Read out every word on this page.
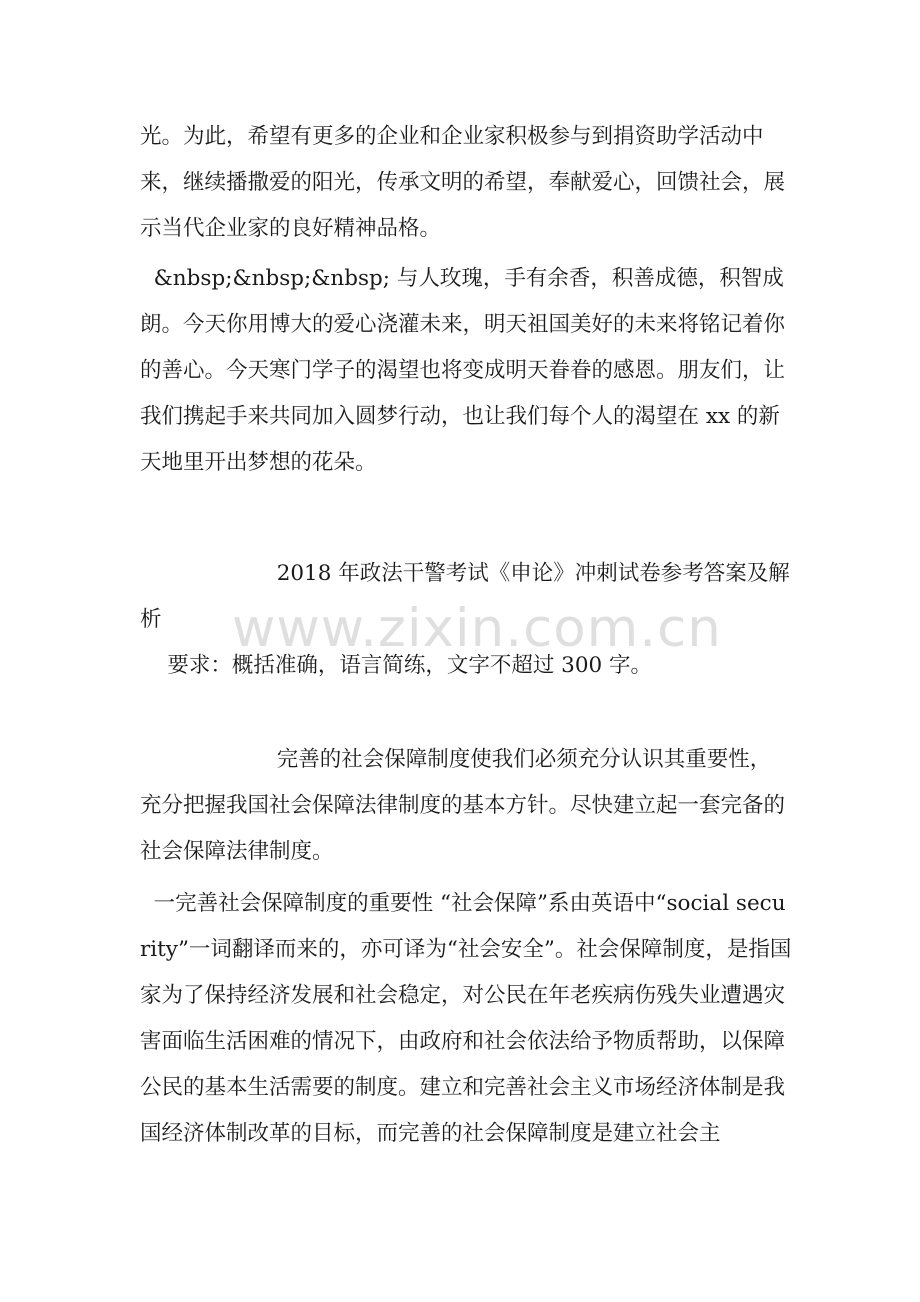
光。为此，希望有更多的企业和企业家积极参与到捐资助学活动中来，继续播撒爱的阳光，传承文明的希望，奉献爱心，回馈社会，展示当代企业家的良好精神品格。

&nbsp;&nbsp;&nbsp; 与人玫瑰，手有余香，积善成德，积智成朗。今天你用博大的爱心浇灌未来，明天祖国美好的未来将铭记着你的善心。今天寒门学子的渴望也将变成明天眷眷的感恩。朋友们，让我们携起手来共同加入圆梦行动，也让我们每个人的渴望在 xx 的新天地里开出梦想的花朵。

2018 年政法干警考试《申论》冲刺试卷参考答案及解析

要求：概括准确，语言简练，文字不超过 300 字。

完善的社会保障制度使我们必须充分认识其重要性，充分把握我国社会保障法律制度的基本方针。尽快建立起一套完备的社会保障法律制度。

一完善社会保障制度的重要性 “社会保障”系由英语中“social security”一词翻译而来的，亦可译为“社会安全”。社会保障制度，是指国家为了保持经济发展和社会稳定，对公民在年老疾病伤残失业遭遇灾害面临生活困难的情况下，由政府和社会依法给予物质帮助，以保障公民的基本生活需要的制度。建立和完善社会主义市场经济体制是我国经济体制改革的目标，而完善的社会保障制度是建立社会主

www.zixin.com.cn
